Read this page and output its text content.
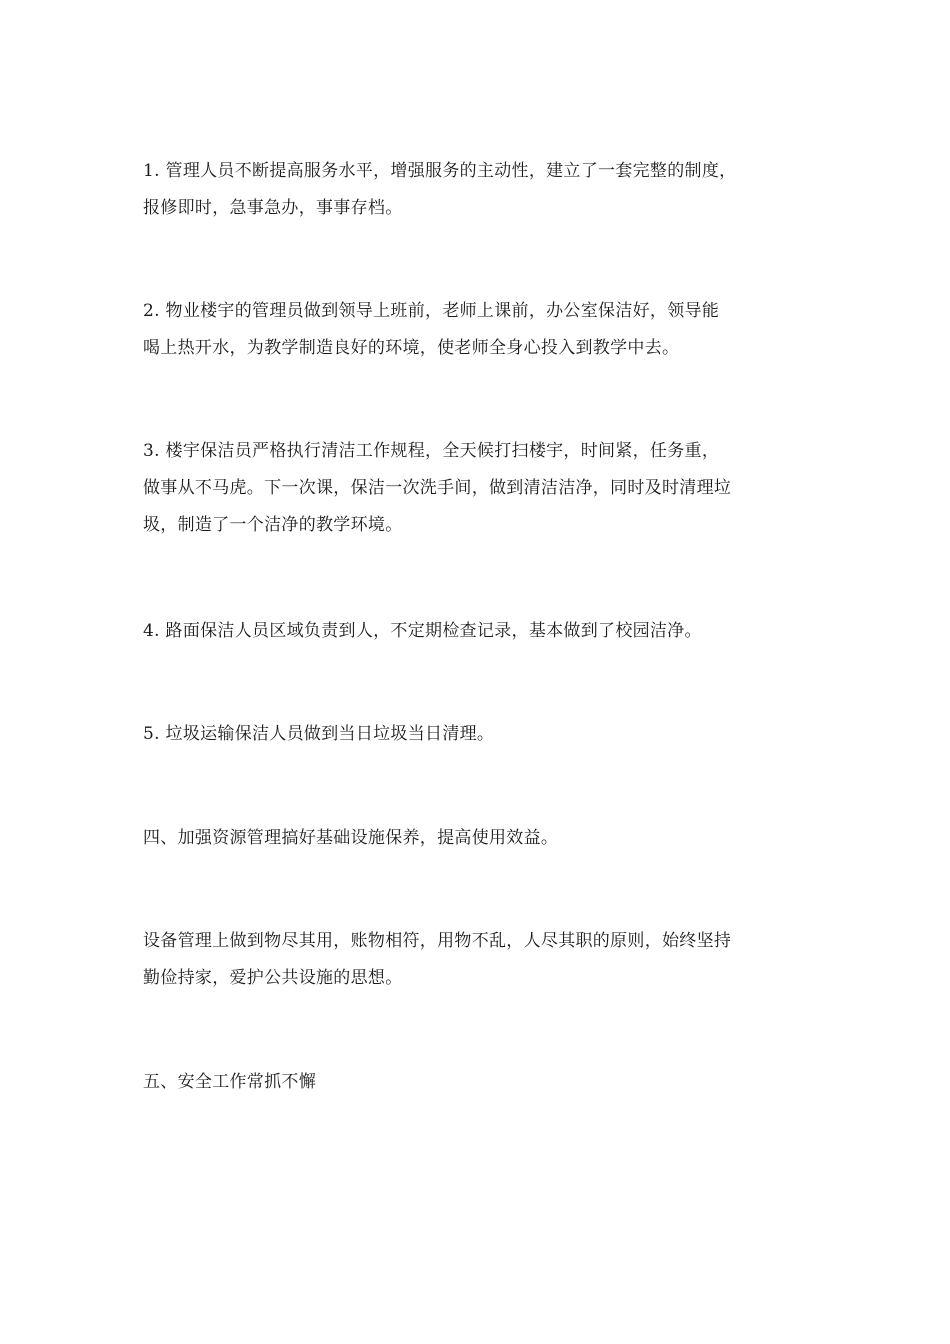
1. 管理人员不断提高服务水平，增强服务的主动性，建立了一套完整的制度，
报修即时，急事急办，事事存档。

2. 物业楼宇的管理员做到领导上班前，老师上课前，办公室保洁好，领导能
喝上热开水，为教学制造良好的环境，使老师全身心投入到教学中去。

3. 楼宇保洁员严格执行清洁工作规程，全天候打扫楼宇，时间紧，任务重，
做事从不马虎。下一次课，保洁一次洗手间，做到清洁洁净，同时及时清理垃
圾，制造了一个洁净的教学环境。

4. 路面保洁人员区域负责到人，不定期检查记录，基本做到了校园洁净。

5. 垃圾运输保洁人员做到当日垃圾当日清理。

四、加强资源管理搞好基础设施保养，提高使用效益。

设备管理上做到物尽其用，账物相符，用物不乱，人尽其职的原则，始终坚持
勤俭持家，爱护公共设施的思想。

五、安全工作常抓不懈
